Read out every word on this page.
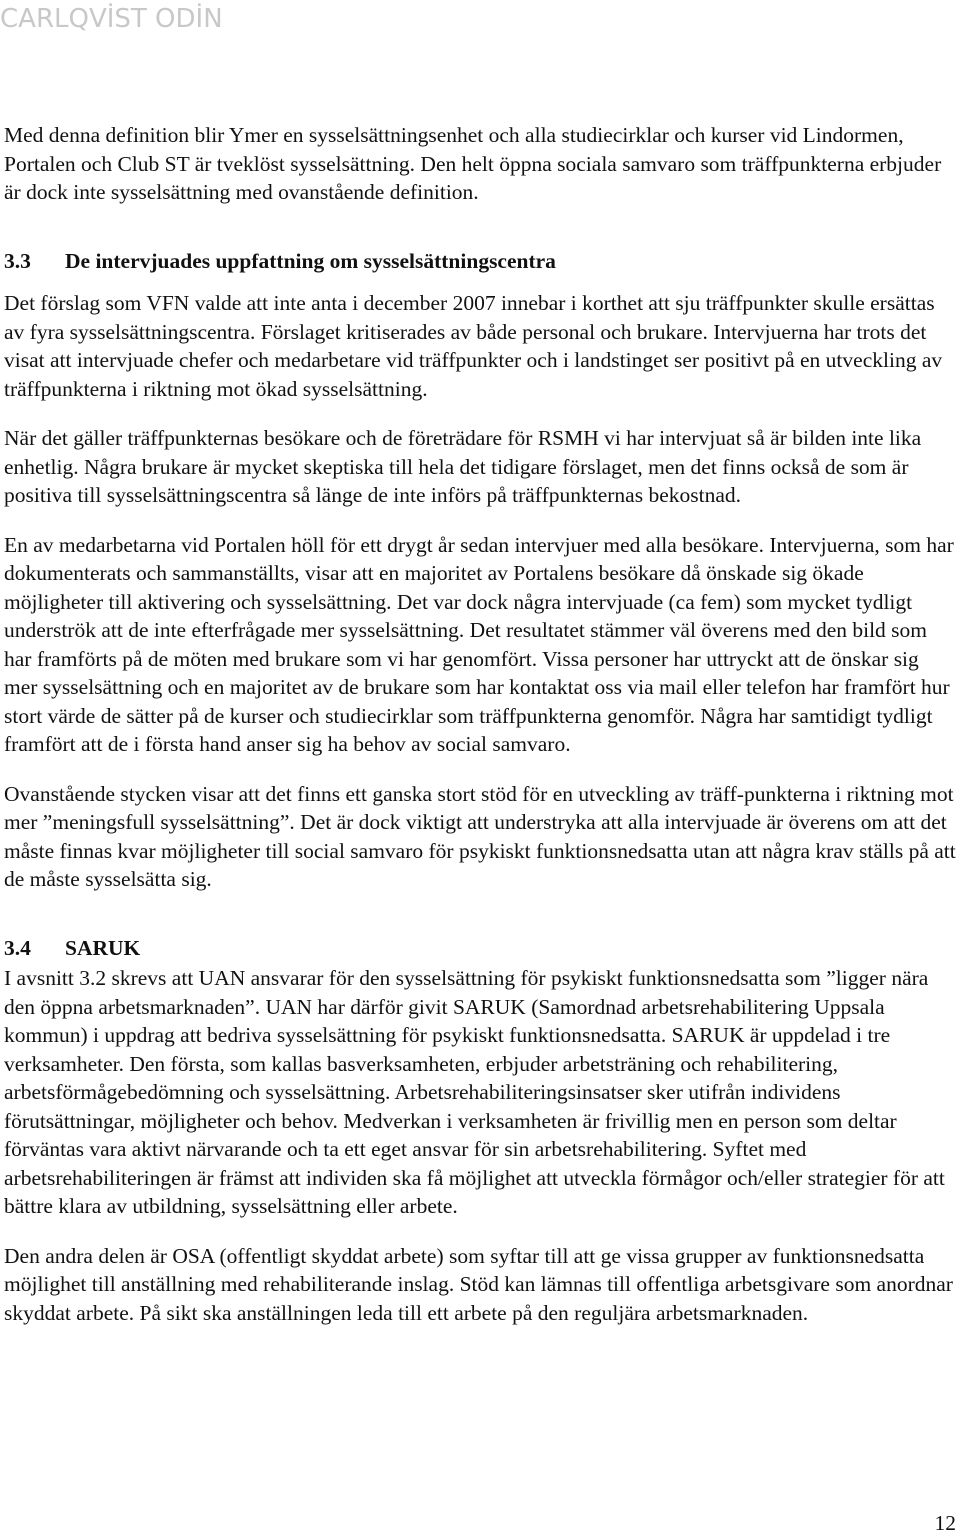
CARLQVİST ODİN

Med denna definition blir Ymer en sysselsättningsenhet och alla studiecirklar och kurser vid Lindormen, Portalen och Club ST är tveklöst sysselsättning. Den helt öppna sociala samvaro som träffpunkterna erbjuder är dock inte sysselsättning med ovanstående definition.

3.3	De intervjuades uppfattning om sysselsättningscentra

Det förslag som VFN valde att inte anta i december 2007 innebar i korthet att sju träffpunkter skulle ersättas av fyra sysselsättningscentra. Förslaget kritiserades av både personal och brukare. Intervjuerna har trots det visat att intervjuade chefer och medarbetare vid träffpunkter och i landstinget ser positivt på en utveckling av träffpunkterna i riktning mot ökad sysselsättning.

När det gäller träffpunkternas besökare och de företrädare för RSMH vi har intervjuat så är bilden inte lika enhetlig. Några brukare är mycket skeptiska till hela det tidigare förslaget, men det finns också de som är positiva till sysselsättningscentra så länge de inte införs på träffpunkternas bekostnad.

En av medarbetarna vid Portalen höll för ett drygt år sedan intervjuer med alla besökare. Intervjuerna, som har dokumenterats och sammanställts, visar att en majoritet av Portalens besökare då önskade sig ökade möjligheter till aktivering och sysselsättning. Det var dock några intervjuade (ca fem) som mycket tydligt underströk att de inte efterfrågade mer sysselsättning. Det resultatet stämmer väl överens med den bild som har framförts på de möten med brukare som vi har genomfört. Vissa personer har uttryckt att de önskar sig mer sysselsättning och en majoritet av de brukare som har kontaktat oss via mail eller telefon har framfört hur stort värde de sätter på de kurser och studiecirklar som träffpunkterna genomför. Några har samtidigt tydligt framfört att de i första hand anser sig ha behov av social samvaro.

Ovanstående stycken visar att det finns ett ganska stort stöd för en utveckling av träff-punkterna i riktning mot mer ”meningsfull sysselsättning”. Det är dock viktigt att understryka att alla intervjuade är överens om att det måste finnas kvar möjligheter till social samvaro för psykiskt funktionsnedsatta utan att några krav ställs på att de måste sysselsätta sig.

3.4	SARUK

I avsnitt 3.2 skrevs att UAN ansvarar för den sysselsättning för psykiskt funktionsnedsatta som ”ligger nära den öppna arbetsmarknaden”. UAN har därför givit SARUK (Samordnad arbetsrehabilitering Uppsala kommun) i uppdrag att bedriva sysselsättning för psykiskt funktionsnedsatta. SARUK är uppdelad i tre verksamheter. Den första, som kallas basverksamheten, erbjuder arbetsträning och rehabilitering, arbetsförmågebedömning och sysselsättning. Arbetsrehabiliteringsinsatser sker utifrån individens förutsättningar, möjligheter och behov. Medverkan i verksamheten är frivillig men en person som deltar förväntas vara aktivt närvarande och ta ett eget ansvar för sin arbetsrehabilitering. Syftet med arbetsrehabiliteringen är främst att individen ska få möjlighet att utveckla förmågor och/eller strategier för att bättre klara av utbildning, sysselsättning eller arbete.

Den andra delen är OSA (offentligt skyddat arbete) som syftar till att ge vissa grupper av funktionsnedsatta möjlighet till anställning med rehabiliterande inslag. Stöd kan lämnas till offentliga arbetsgivare som anordnar skyddat arbete. På sikt ska anställningen leda till ett arbete på den reguljära arbetsmarknaden.

12
